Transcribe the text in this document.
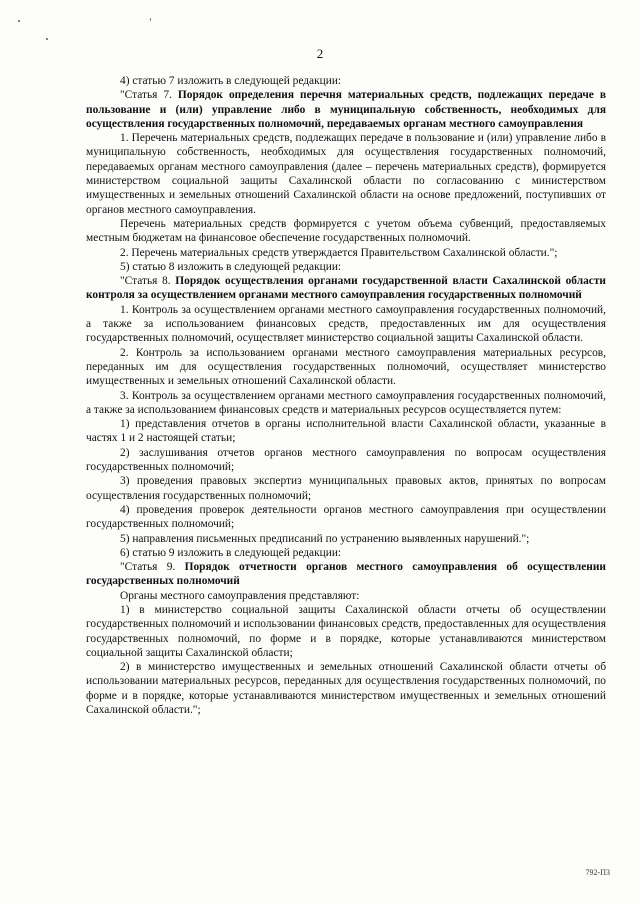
2

4) статью 7 изложить в следующей редакции:

"Статья 7. Порядок определения перечня материальных средств, подлежащих передаче в пользование и (или) управление либо в муниципальную собственность, необходимых для осуществления государственных полномочий, передаваемых органам местного самоуправления

1. Перечень материальных средств, подлежащих передаче в пользование и (или) управление либо в муниципальную собственность, необходимых для осуществления государственных полномочий, передаваемых органам местного самоуправления (далее – перечень материальных средств), формируется министерством социальной защиты Сахалинской области по согласованию с министерством имущественных и земельных отношений Сахалинской области на основе предложений, поступивших от органов местного самоуправления.

Перечень материальных средств формируется с учетом объема субвенций, предоставляемых местным бюджетам на финансовое обеспечение государственных полномочий.

2. Перечень материальных средств утверждается Правительством Сахалинской области.";

5) статью 8 изложить в следующей редакции:

"Статья 8. Порядок осуществления органами государственной власти Сахалинской области контроля за осуществлением органами местного самоуправления государственных полномочий

1. Контроль за осуществлением органами местного самоуправления государственных полномочий, а также за использованием финансовых средств, предоставленных им для осуществления государственных полномочий, осуществляет министерство социальной защиты Сахалинской области.

2. Контроль за использованием органами местного самоуправления материальных ресурсов, переданных им для осуществления государственных полномочий, осуществляет министерство имущественных и земельных отношений Сахалинской области.

3. Контроль за осуществлением органами местного самоуправления государственных полномочий, а также за использованием финансовых средств и материальных ресурсов осуществляется путем:

1) представления отчетов в органы исполнительной власти Сахалинской области, указанные в частях 1 и 2 настоящей статьи;

2) заслушивания отчетов органов местного самоуправления по вопросам осуществления государственных полномочий;

3) проведения правовых экспертиз муниципальных правовых актов, принятых по вопросам осуществления государственных полномочий;

4) проведения проверок деятельности органов местного самоуправления при осуществлении государственных полномочий;

5) направления письменных предписаний по устранению выявленных нарушений.";

6) статью 9 изложить в следующей редакции:

"Статья 9. Порядок отчетности органов местного самоуправления об осуществлении государственных полномочий

Органы местного самоуправления представляют:

1) в министерство социальной защиты Сахалинской области отчеты об осуществлении государственных полномочий и использовании финансовых средств, предоставленных для осуществления государственных полномочий, по форме и в порядке, которые устанавливаются министерством социальной защиты Сахалинской области;

2) в министерство имущественных и земельных отношений Сахалинской области отчеты об использовании материальных ресурсов, переданных для осуществления государственных полномочий, по форме и в порядке, которые устанавливаются министерством имущественных и земельных отношений Сахалинской области.";

792-П3
